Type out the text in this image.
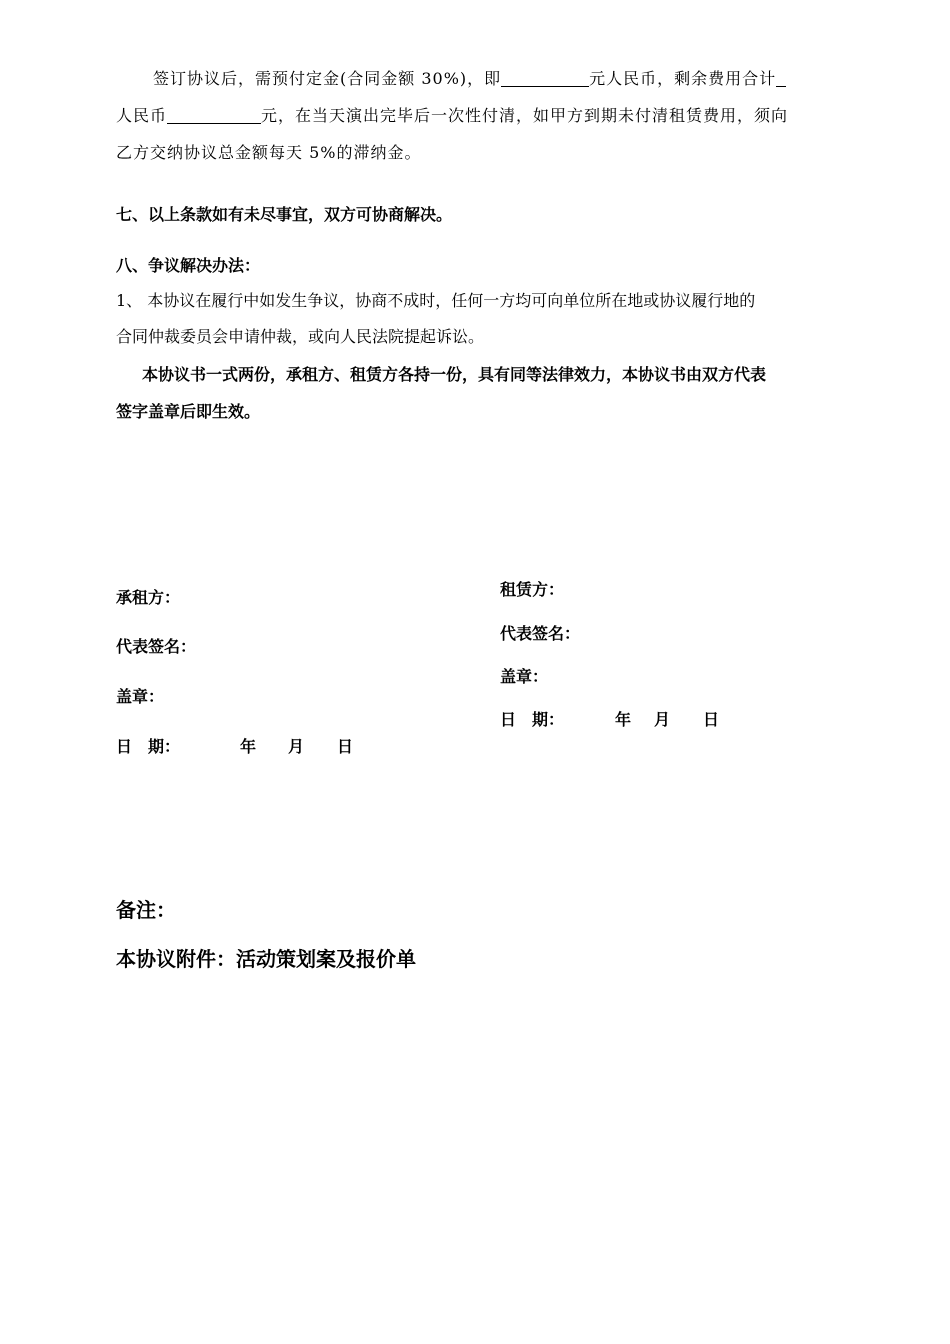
签订协议后，需预付定金(合同金额 30%)，即	元人民币，剩余费用合计
人民币	元，在当天演出完毕后一次性付清，如甲方到期未付清租赁费用，须向
乙方交纳协议总金额每天 5%的滞纳金。
七、以上条款如有未尽事宜，双方可协商解决。
八、争议解决办法：
1、 本协议在履行中如发生争议，协商不成时，任何一方均可向单位所在地或协议履行地的
合同仲裁委员会申请仲裁，或向人民法院提起诉讼。
本协议书一式两份，承租方、租赁方各持一份，具有同等法律效力，本协议书由双方代表
签字盖章后即生效。
承租方：
代表签名：
盖章：
日　期：	年 月 日
租赁方：
代表签名：
盖章：
日　期：	年 月 日
备注：
本协议附件：活动策划案及报价单
